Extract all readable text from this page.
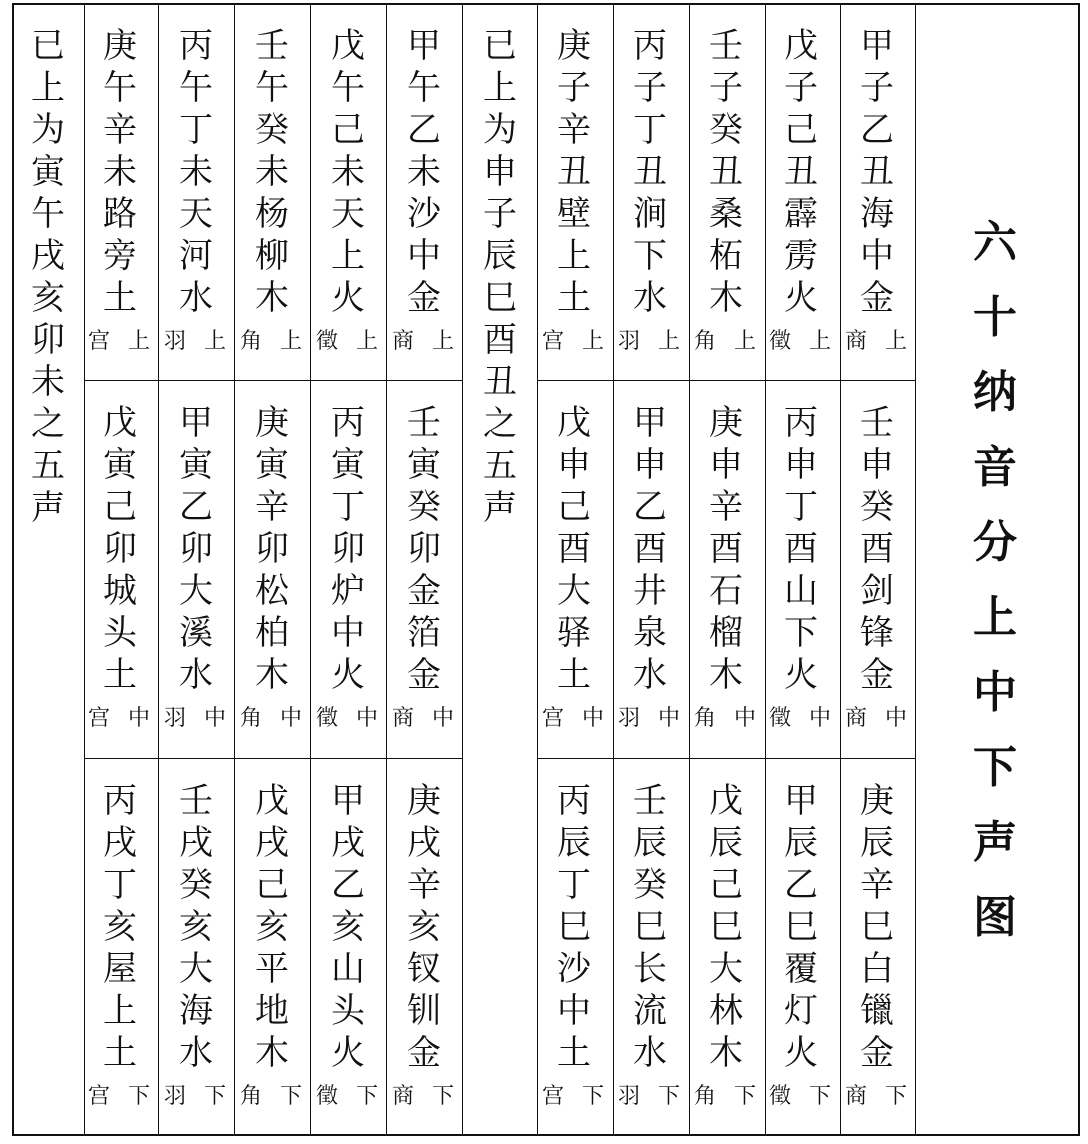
甲
子
乙
丑
海
中
金
商 上
戊
子
己
丑
霹
雳
火
徵 上
壬
子
癸
丑
桑
柘
木
角 上
丙
子
丁
丑
涧
下
水
羽 上
庚
子
辛
丑
壁
上
土
宫 上
甲
午
乙
未
沙
中
金
商 上
戊
午
己
未
天
上
火
徵 上
壬
午
癸
未
杨
柳
木
角 上
丙
午
丁
未
天
河
水
羽 上
庚
午
辛
未
路
旁
土
宫 上
壬
申
癸
酉
剑
锋
金
商 中
丙
申
丁
酉
山
下
火
徵 中
庚
申
辛
酉
石
榴
木
角 中
甲
申
乙
酉
井
泉
水
羽 中
戊
申
己
酉
大
驿
土
宫 中
壬
寅
癸
卯
金
箔
金
商 中
丙
寅
丁
卯
炉
中
火
徵 中
庚
寅
辛
卯
松
柏
木
角 中
甲
寅
乙
卯
大
溪
水
羽 中
戊
寅
己
卯
城
头
土
宫 中
庚
辰
辛
巳
白
镴
金
商 下
甲
辰
乙
巳
覆
灯
火
徵 下
戊
辰
己
巳
大
林
木
角 下
壬
辰
癸
巳
长
流
水
羽 下
丙
辰
丁
巳
沙
中
土
宫 下
庚
戌
辛
亥
钗
钏
金
商 下
甲
戌
乙
亥
山
头
火
徵 下
戊
戌
己
亥
平
地
木
角 下
壬
戌
癸
亥
大
海
水
羽 下
丙
戌
丁
亥
屋
上
土
宫 下
已
上
为
寅
午
戌
亥
卯
未
之
五
声
已
上
为
申
子
辰
巳
酉
丑
之
五
声
六
十
纳
音
分
上
中
下
声
图
